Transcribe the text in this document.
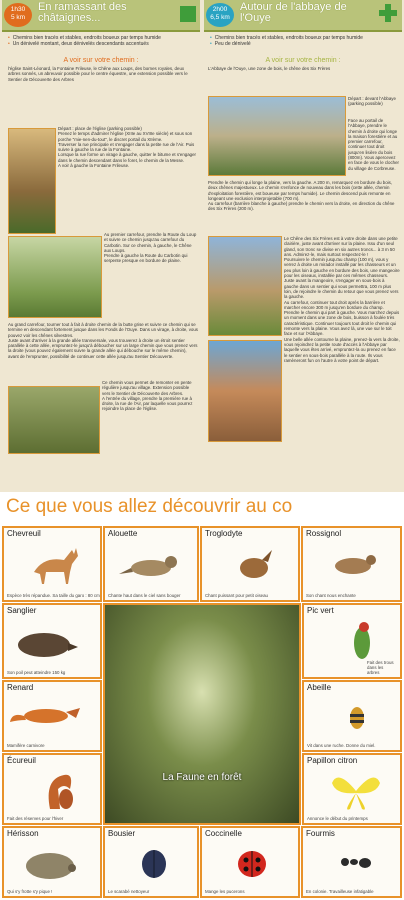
1h30
5 km
En ramassant des châtaignes...
• Chemins bien tracés et stables, endroits boueux par temps humide
• Un dénivelé montant, deux dénivelés descendants accentués
A voir sur votre chemin :
l'église Saint-Léonard, la Fontaine Frileuse, le Chêne aux Loups, des bornes royales, deux arbres sonnés, un abreuvoir possible pour le centre équestre, une extension possible vers le Sentier de Découverte des Arbres
Départ : place de l'église (parking possible)
Prenez le temps d'admirer l'église (XIIIe au XVIIIe siècle) et sous son porche "mie-nen-du-tout", le discret portail du XIIème.
Traverser la rue principale et s'engager dans la petite rue de l'Air. Puis suivre à gauche la rue de la Fontaine.
Lorsque la rue forme un virage à gauche, quitter le bitume et s'engager dans le chemin descendant dans le foret, le chemin de la Messe.
A voir à gauche la Fontaine Frileuse.
Au premier carrefour, prendre la Route du Loup et suivre ce chemin jusqu'au carrefour du Carbotin. Sur ce chemin, à gauche, le Chêne aux Loups.
Prendre à gauche la Route du Carbotin qui serpente presque en bordure de plaine.
Au grand carrefour, tourner tout à fait à droite chemin de la butte grise et suivre ce chemin qui se termine en descendant fortement jusque dans les Fonds de l'Ouye. Dans un virage, à droite, vous pouvez voir les chênes silvestres.
Juste avant d'arriver à la grande allée transversale, vous trouverez à droite un étroit sentier parallèle à cette allée, empruntez-le jusqu'à déboucher sur un large chemin que vous prenez vers la droite (vous pouvez également suivre la grande allée qui débouche sur le même chemin), avant de l'emprunter, possibilité de continuer cette allée jusqu'au Sentier Découverte.
Ce chemin vous permet de remonter en pente régulière jusqu'au village. Extension possible vers le Sentier de Découverte des Arbres.
A l'entrée du village, prendre la première rue à droite, la rue de l'Air, par laquelle vous pourrez rejoindre la place de l'église.
2h00
6,5 km
Autour de l'abbaye de l'Ouye
• Chemins bien tracés et stables, endroits boueux par temps humide
• Peu de dénivelé
A voir sur votre chemin :
L'Abbaye de l'Ouye, une zone de bois, le chêne des Six Frères
Départ : devant l'Abbaye (parking possible)
Face au portail de l'Abbaye, prendre le chemin à droite qui longe la maison forestière et au premier carrefour, continuer tout droit jusqu'en lisière du bois (800m). Vous apercevez en face de vous le clocher du village de Corbreuse.
Prendre le chemin qui longe la plaine, vers la gauche. A 200 m, remarquez en bordure du bois, deux chênes majestueux. Le chemin s'enfonce de nouveau dans les bois (cette allée, chemin d'exploitation forestière, est boueuse par temps humide). Le chemin descend puis remonte en longeant une exclusion interprojetable (700 m).
Au carrefour (barrière blanche à gauche) prendre le chemin vers la droite, en direction du chêne des Six Frères (200 m).
Le Chêne des Six Frères est à votre droite dans une petite clairière, juste avant d'arriver sur la plaine. Issu d'un seul gland, son tronc se divise en six autres troncs... à 3 m 50 ans. Admirez-le, mais surtout respectez-le !
Poursuivre le chemin jusqu'au champ (100 m), vous y verrez à droite un mirador installé par les chasseurs et un peu plus loin à gauche en bordure des bois, une mangeoire pour les oiseaux, installée par ces mêmes chasseurs.
Juste avant la mangeoire, s'engager en sous-bois à gauche dans un sentier qui vous permettra, 100 m plus loin, de rejoindre le chemin du retour que vous prenez vers la gauche.
Au carrefour, continuer tout droit après la barrière et marcher encore 300 m jusqu'en bordure du champ. Prendre le chemin qui part à gauche. Vous marchez depuis un moment dans une zone de bois, buisson à foulée très caractéristique. Continuer toujours tout droit le chemin qui remonte vers la plaine. Vous avez là, une vue sur le toit face et sur l'Abbaye.
Une belle allée contourne la plaine, prenez-la vers la droite, vous rejoindrez la petite route d'accès à l'Abbaye par laquelle vous êtes arrivé, empruntez-la ou prenez en face le sentier en sous-bois parallèle à la route. Ils vous ramèneront fun on l'autre à votre point de départ.
Ce que vous allez découvrir au co
Chevreuil
Espèce très répandue. Sa taille du garo : 80 cm
Alouette
Chante haut dans le ciel sans bouger
Troglodyte
Chant puissant pour petit oiseau
Rossignol
Son chant nous enchante
Sanglier
Son poil peut atteindre 150 kg
Renard
Mamifère carnivore
Écureuil
Fait des réserves pour l'hiver
La Faune en forêt
Pic vert
Fait des trous dans les arbres
Abeille
Vit dans une ruche. Donne du miel.
Papillon citron
Annonce le début du printemps
Hérisson
Qui s'y frotte s'y pique !
Bousier
Le scarabé nettoyeur
Coccinelle
Mange les pucerons
Fourmis
En colonie. Travailleuse infatigable
